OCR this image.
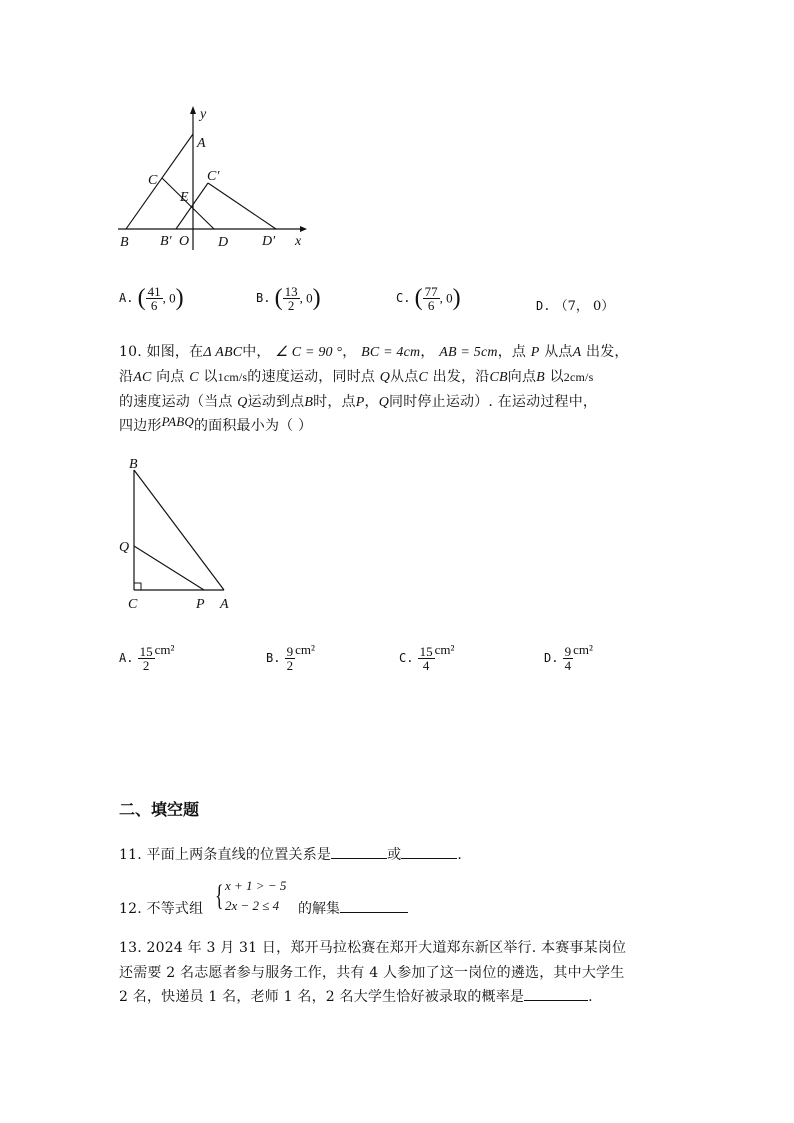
y
A
C	C′
E
B B′ O D D′ x
A. ( $\frac{41}{6}$ , 0)	B. ( $\frac{13}{2}$ , 0)	C. ( $\frac{77}{6}$ , 0)	D. （7， 0）
10. 如图，在Δ ABC中， ∠ C = 90 °， BC = 4cm， AB = 5cm，点 P 从点A 出发，
沿AC 向点 C 以1cm/s的速度运动，同时点 Q从点C 出发，沿CB向点B 以2cm/s
的速度运动（当点 Q运动到点B时，点P，Q同时停止运动）. 在运动过程中，
四边形PABQ的面积最小为（ ）
B
Q
C	P A
A. $\frac{15}{2} cm^2$
B. $\frac{9}{2} cm^2$
C. $\frac{15}{4} cm^2$
D. $\frac{9}{4} cm^2$
二、填空题
11. 平面上两条直线的位置关系是	或	.
12. 不等式组 { x + 1 > − 5
2x − 2 ≤ 4 的解集
13. 2024 年 3 月 31 日，郑开马拉松赛在郑开大道郑东新区举行. 本赛事某岗位
还需要 2 名志愿者参与服务工作，共有 4 人参加了这一岗位的遴选，其中大学生
2 名，快递员 1 名，老师 1 名，2 名大学生恰好被录取的概率是	.
